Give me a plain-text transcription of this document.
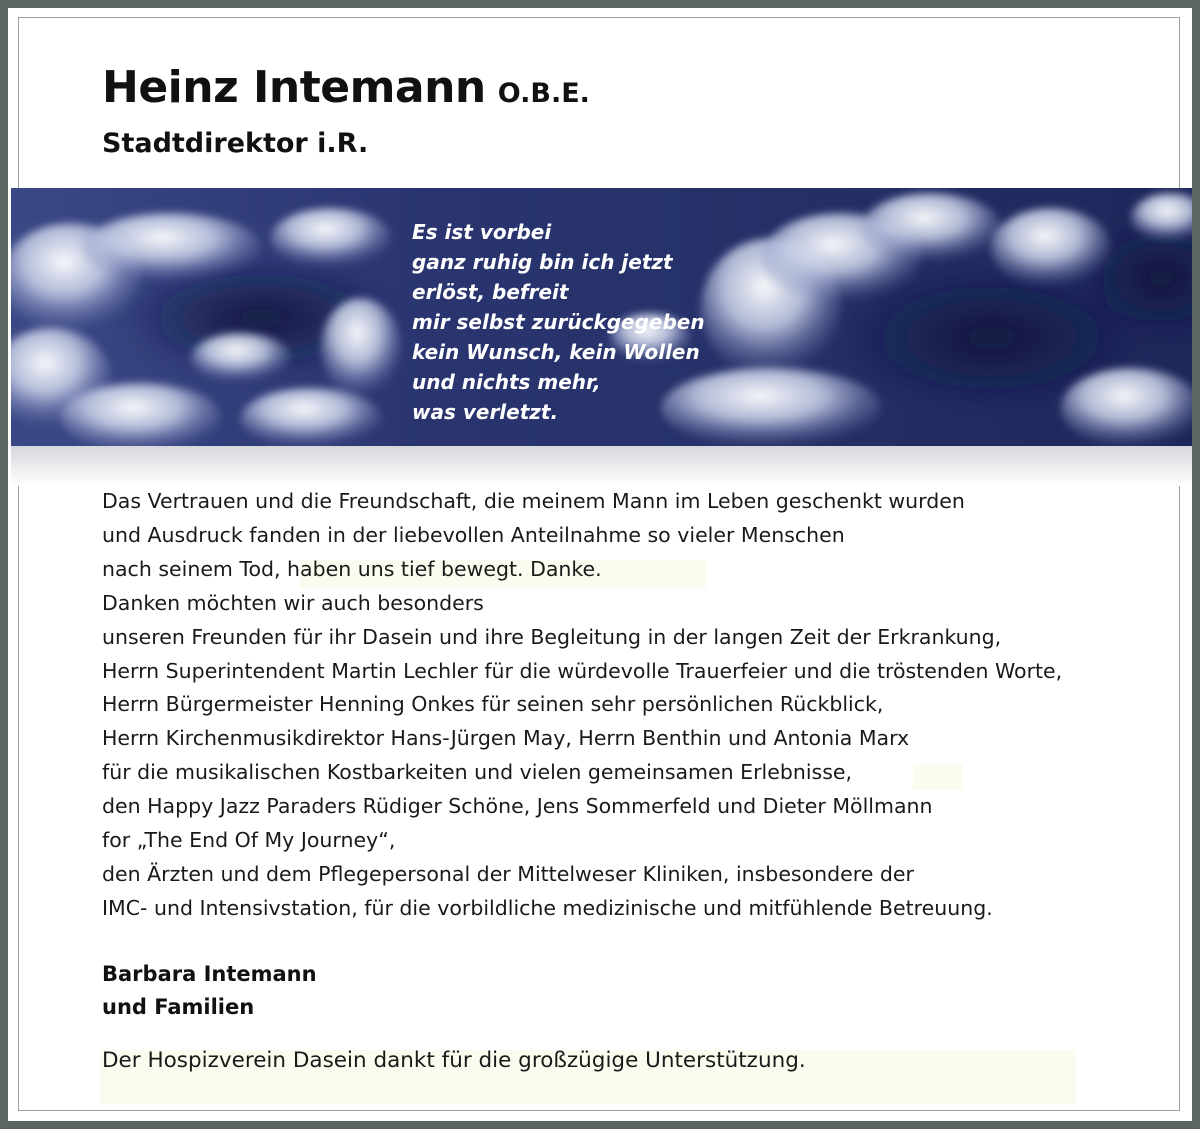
Heinz Intemann O.B.E.
Stadtdirektor i.R.
Es ist vorbei
ganz ruhig bin ich jetzt
erlöst, befreit
mir selbst zurückgegeben
kein Wunsch, kein Wollen
und nichts mehr,
was verletzt.
Das Vertrauen und die Freundschaft, die meinem Mann im Leben geschenkt wurden
und Ausdruck fanden in der liebevollen Anteilnahme so vieler Menschen
nach seinem Tod, haben uns tief bewegt. Danke.
Danken möchten wir auch besonders
unseren Freunden für ihr Dasein und ihre Begleitung in der langen Zeit der Erkrankung,
Herrn Superintendent Martin Lechler für die würdevolle Trauerfeier und die tröstenden Worte,
Herrn Bürgermeister Henning Onkes für seinen sehr persönlichen Rückblick,
Herrn Kirchenmusikdirektor Hans-Jürgen May, Herrn Benthin und Antonia Marx
für die musikalischen Kostbarkeiten und vielen gemeinsamen Erlebnisse,
den Happy Jazz Paraders Rüdiger Schöne, Jens Sommerfeld und Dieter Möllmann
for „The End Of My Journey“,
den Ärzten und dem Pflegepersonal der Mittelweser Kliniken, insbesondere der
IMC- und Intensivstation, für die vorbildliche medizinische und mitfühlende Betreuung.
Barbara Intemann
und Familien
Der Hospizverein Dasein dankt für die großzügige Unterstützung.
